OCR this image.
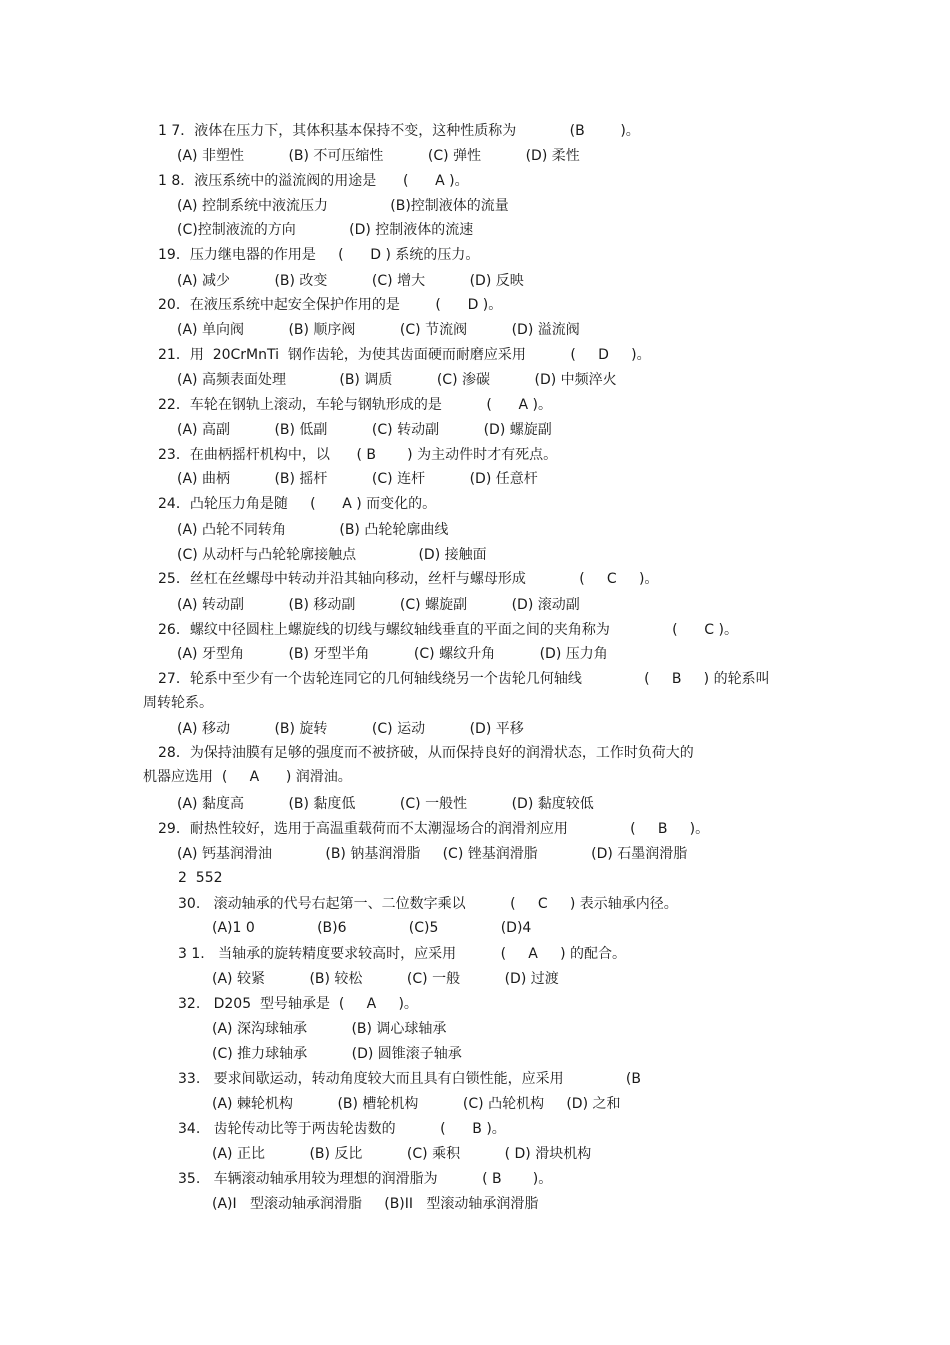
1 7．液体在压力下，其体积基本保持不变，这种性质称为            (B        )。
(A) 非塑性          (B) 不可压缩性          (C) 弹性          (D) 柔性
1 8．液压系统中的溢流阀的用途是      (      A )。
(A) 控制系统中液流压力              (B)控制液体的流量
(C)控制液流的方向            (D) 控制液体的流速
19．压力继电器的作用是     (      D ) 系统的压力。
(A) 减少          (B) 改变          (C) 增大          (D) 反映
20．在液压系统中起安全保护作用的是        (      D )。
(A) 单向阀          (B) 顺序阀          (C) 节流阀          (D) 溢流阀
21．用  20CrMnTi  钢作齿轮，为使其齿面硬而耐磨应采用          (     D     )。
(A) 高频表面处理            (B) 调质          (C) 渗碳          (D) 中频淬火
22．车轮在钢轨上滚动，车轮与钢轨形成的是          (      A )。
(A) 高副          (B) 低副          (C) 转动副          (D) 螺旋副
23．在曲柄摇杆机构中，以      ( B       ) 为主动件时才有死点。
(A) 曲柄          (B) 摇杆          (C) 连杆          (D) 任意杆
24．凸轮压力角是随     (      A ) 而变化的。
(A) 凸轮不同转角            (B) 凸轮轮廓曲线
(C) 从动杆与凸轮轮廓接触点              (D) 接触面
25．丝杠在丝螺母中转动并沿其轴向移动，丝杆与螺母形成            (     C     )。
(A) 转动副          (B) 移动副          (C) 螺旋副          (D) 滚动副
26．螺纹中径圆柱上螺旋线的切线与螺纹轴线垂直的平面之间的夹角称为              (      C )。
(A) 牙型角          (B) 牙型半角          (C) 螺纹升角          (D) 压力角
27．轮系中至少有一个齿轮连同它的几何轴线绕另一个齿轮几何轴线              (     B     ) 的轮系叫
周转轮系。
(A) 移动          (B) 旋转          (C) 运动          (D) 平移
28．为保持油膜有足够的强度而不被挤破，从而保持良好的润滑状态，工作时负荷大的
机器应选用  (     A      ) 润滑油。
(A) 黏度高          (B) 黏度低          (C) 一般性          (D) 黏度较低
29．耐热性较好，选用于高温重载荷而不太潮湿场合的润滑剂应用              (     B     )。
(A) 钙基润滑油            (B) 钠基润滑脂     (C) 锉基润滑脂            (D) 石墨润滑脂
2  552
30.   滚动轴承的代号右起第一、二位数字乘以          (     C     ) 表示轴承内径。
(A)1 0              (B)6              (C)5              (D)4
3 1.   当轴承的旋转精度要求较高时，应采用          (     A     ) 的配合。
(A) 较紧          (B) 较松          (C) 一般          (D) 过渡
32.   D205  型号轴承是  (     A     )。
(A) 深沟球轴承          (B) 调心球轴承
(C) 推力球轴承          (D) 圆锥滚子轴承
33.   要求间歇运动，转动角度较大而且具有白锁性能，应采用              (B
(A) 棘轮机构          (B) 槽轮机构          (C) 凸轮机构     (D) 之和
34.   齿轮传动比等于两齿轮齿数的          (      B )。
(A) 正比          (B) 反比          (C) 乘积          ( D) 滑块机构
35.   车辆滚动轴承用较为理想的润滑脂为          ( B       )。
(A)I   型滚动轴承润滑脂     (B)II   型滚动轴承润滑脂
